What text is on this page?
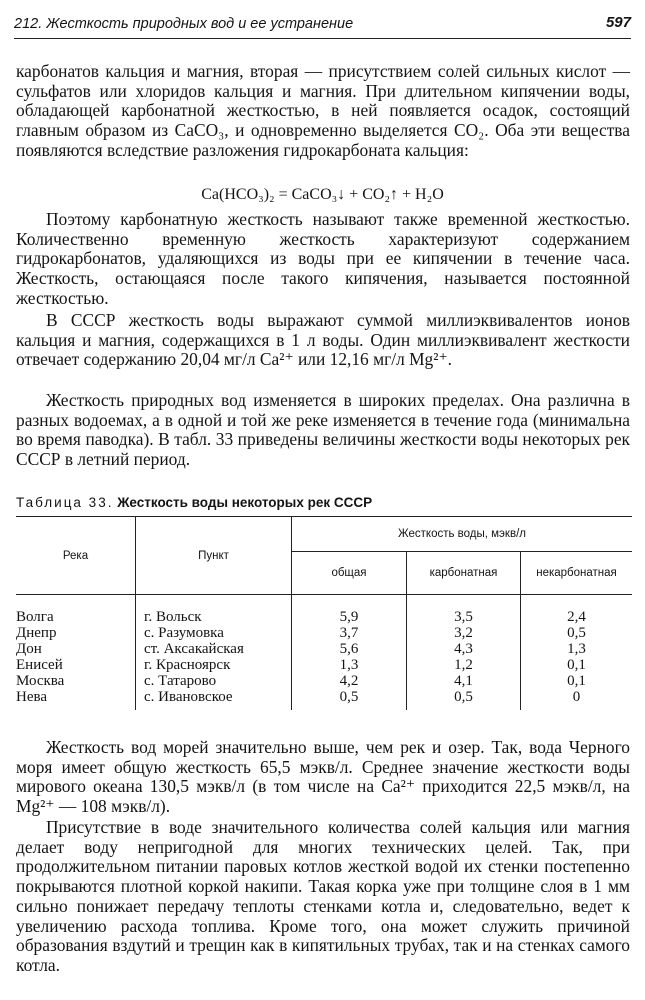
212. Жесткость природных вод и ее устранение	597

карбонатов кальция и магния, вторая — присутствием солей сильных кислот — сульфатов или хлоридов кальция и магния. При длительном кипячении воды, обладающей карбонатной жесткостью, в ней появляется осадок, состоящий главным образом из CaCO₃, и одновременно выделяется CO₂. Оба эти вещества появляются вследствие разложения гидрокарбоната кальция:

Ca(HCO₃)₂ = CaCO₃↓ + CO₂↑ + H₂O

Поэтому карбонатную жесткость называют также временной жесткостью. Количественно временную жесткость характеризуют содержанием гидрокарбонатов, удаляющихся из воды при ее кипячении в течение часа. Жесткость, остающаяся после такого кипячения, называется постоянной жесткостью.

В СССР жесткость воды выражают суммой миллиэквивалентов ионов кальция и магния, содержащихся в 1 л воды. Один миллиэквивалент жесткости отвечает содержанию 20,04 мг/л Ca²⁺ или 12,16 мг/л Mg²⁺.

Жесткость природных вод изменяется в широких пределах. Она различна в разных водоемах, а в одной и той же реке изменяется в течение года (минимальна во время паводка). В табл. 33 приведены величины жесткости воды некоторых рек СССР в летний период.

Таблица 33. Жесткость воды некоторых рек СССР
Река	Пункт
Жесткость воды, мэкв/л
общая	карбонатная	некарбонатная
Волга	г. Вольск	5,9	3,5	2,4
Днепр	с. Разумовка	3,7	3,2	0,5
Дон	ст. Аксакайская	5,6	4,3	1,3
Енисей	г. Красноярск	1,3	1,2	0,1
Москва	с. Татарово	4,2	4,1	0,1
Нева	с. Ивановское	0,5	0,5	0

Жесткость вод морей значительно выше, чем рек и озер. Так, вода Черного моря имеет общую жесткость 65,5 мэкв/л. Среднее значение жесткости воды мирового океана 130,5 мэкв/л (в том числе на Ca²⁺ приходится 22,5 мэкв/л, на Mg²⁺ — 108 мэкв/л).

Присутствие в воде значительного количества солей кальция или магния делает воду непригодной для многих технических целей. Так, при продолжительном питании паровых котлов жесткой водой их стенки постепенно покрываются плотной коркой накипи. Такая корка уже при толщине слоя в 1 мм сильно понижает передачу теплоты стенками котла и, следовательно, ведет к увеличению расхода топлива. Кроме того, она может служить причиной образования вздутий и трещин как в кипятильных трубах, так и на стенках самого котла.
